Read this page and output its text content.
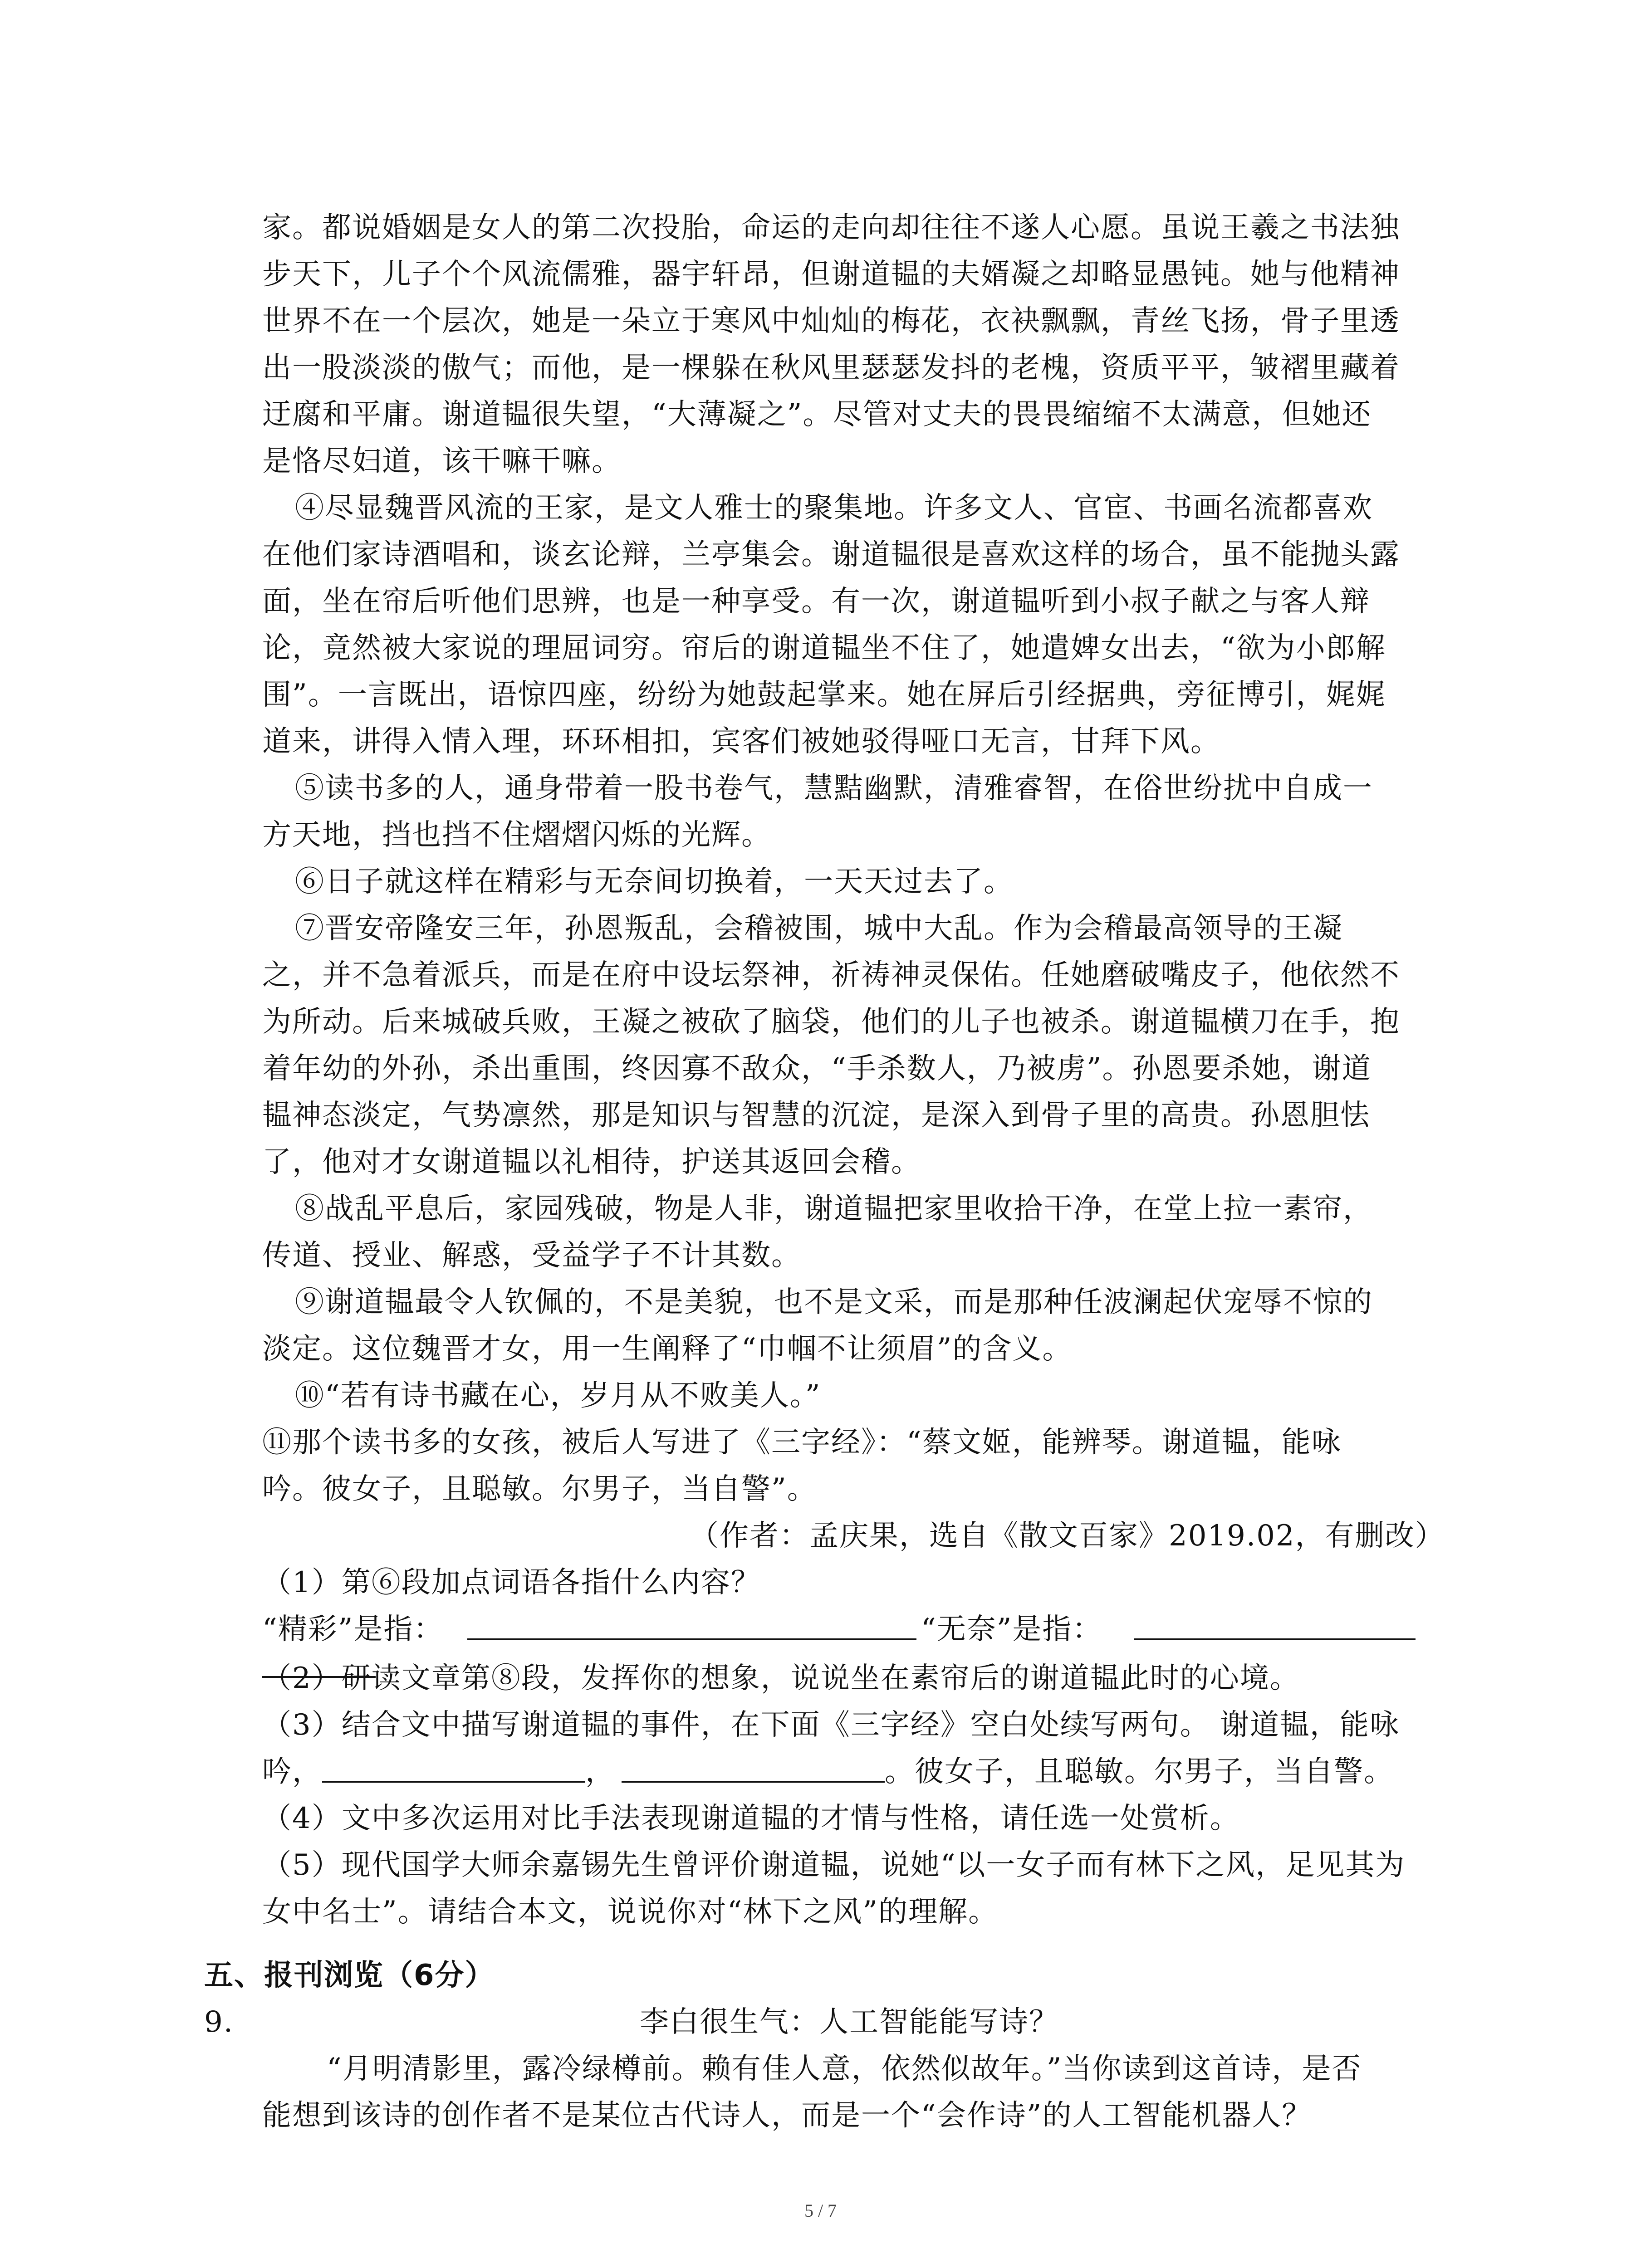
家。都说婚姻是女人的第二次投胎，命运的走向却往往不遂人心愿。虽说王羲之书法独
步天下，儿子个个风流儒雅，器宇轩昂，但谢道韫的夫婿凝之却略显愚钝。她与他精神
世界不在一个层次，她是一朵立于寒风中灿灿的梅花，衣袂飘飘，青丝飞扬，骨子里透
出一股淡淡的傲气；而他，是一棵躲在秋风里瑟瑟发抖的老槐，资质平平，皱褶里藏着
迂腐和平庸。谢道韫很失望，“大薄凝之”。尽管对丈夫的畏畏缩缩不太满意，但她还
是恪尽妇道，该干嘛干嘛。
④尽显魏晋风流的王家，是文人雅士的聚集地。许多文人、官宦、书画名流都喜欢
在他们家诗酒唱和，谈玄论辩，兰亭集会。谢道韫很是喜欢这样的场合，虽不能抛头露
面，坐在帘后听他们思辨，也是一种享受。有一次，谢道韫听到小叔子献之与客人辩
论，竟然被大家说的理屈词穷。帘后的谢道韫坐不住了，她遣婢女出去，“欲为小郎解
围”。一言既出，语惊四座，纷纷为她鼓起掌来。她在屏后引经据典，旁征博引，娓娓
道来，讲得入情入理，环环相扣，宾客们被她驳得哑口无言，甘拜下风。
⑤读书多的人，通身带着一股书卷气，慧黠幽默，清雅睿智，在俗世纷扰中自成一
方天地，挡也挡不住熠熠闪烁的光辉。
⑥日子就这样在精彩与无奈间切换着，一天天过去了。
⑦晋安帝隆安三年，孙恩叛乱，会稽被围，城中大乱。作为会稽最高领导的王凝
之，并不急着派兵，而是在府中设坛祭神，祈祷神灵保佑。任她磨破嘴皮子，他依然不
为所动。后来城破兵败，王凝之被砍了脑袋，他们的儿子也被杀。谢道韫横刀在手，抱
着年幼的外孙，杀出重围，终因寡不敌众，“手杀数人，乃被虏”。孙恩要杀她，谢道
韫神态淡定，气势凛然，那是知识与智慧的沉淀，是深入到骨子里的高贵。孙恩胆怯
了，他对才女谢道韫以礼相待，护送其返回会稽。
⑧战乱平息后，家园残破，物是人非，谢道韫把家里收拾干净，在堂上拉一素帘，
传道、授业、解惑，受益学子不计其数。
⑨谢道韫最令人钦佩的，不是美貌，也不是文采，而是那种任波澜起伏宠辱不惊的
淡定。这位魏晋才女，用一生阐释了“巾帼不让须眉”的含义。
⑩“若有诗书藏在心，岁月从不败美人。”
⑪那个读书多的女孩，被后人写进了《三字经》：“蔡文姬，能辨琴。谢道韫，能咏
吟。彼女子，且聪敏。尔男子，当自警”。
（作者：孟庆果，选自《散文百家》2019.02，有删改）
（1）第⑥段加点词语各指什么内容？
“精彩”是指：	“无奈”是指：
（2）研读文章第⑧段，发挥你的想象，说说坐在素帘后的谢道韫此时的心境。
（3）结合文中描写谢道韫的事件，在下面《三字经》空白处续写两句。 谢道韫，能咏
吟，	，	。彼女子，且聪敏。尔男子，当自警。
（4）文中多次运用对比手法表现谢道韫的才情与性格，请任选一处赏析。
（5）现代国学大师余嘉锡先生曾评价谢道韫，说她“以一女子而有林下之风，足见其为
女中名士”。请结合本文，说说你对“林下之风”的理解。
五、报刊浏览（6分）
9.	李白很生气：人工智能能写诗？
“月明清影里，露冷绿樽前。赖有佳人意，依然似故年。”当你读到这首诗，是否
能想到该诗的创作者不是某位古代诗人，而是一个“会作诗”的人工智能机器人？
5 / 7
